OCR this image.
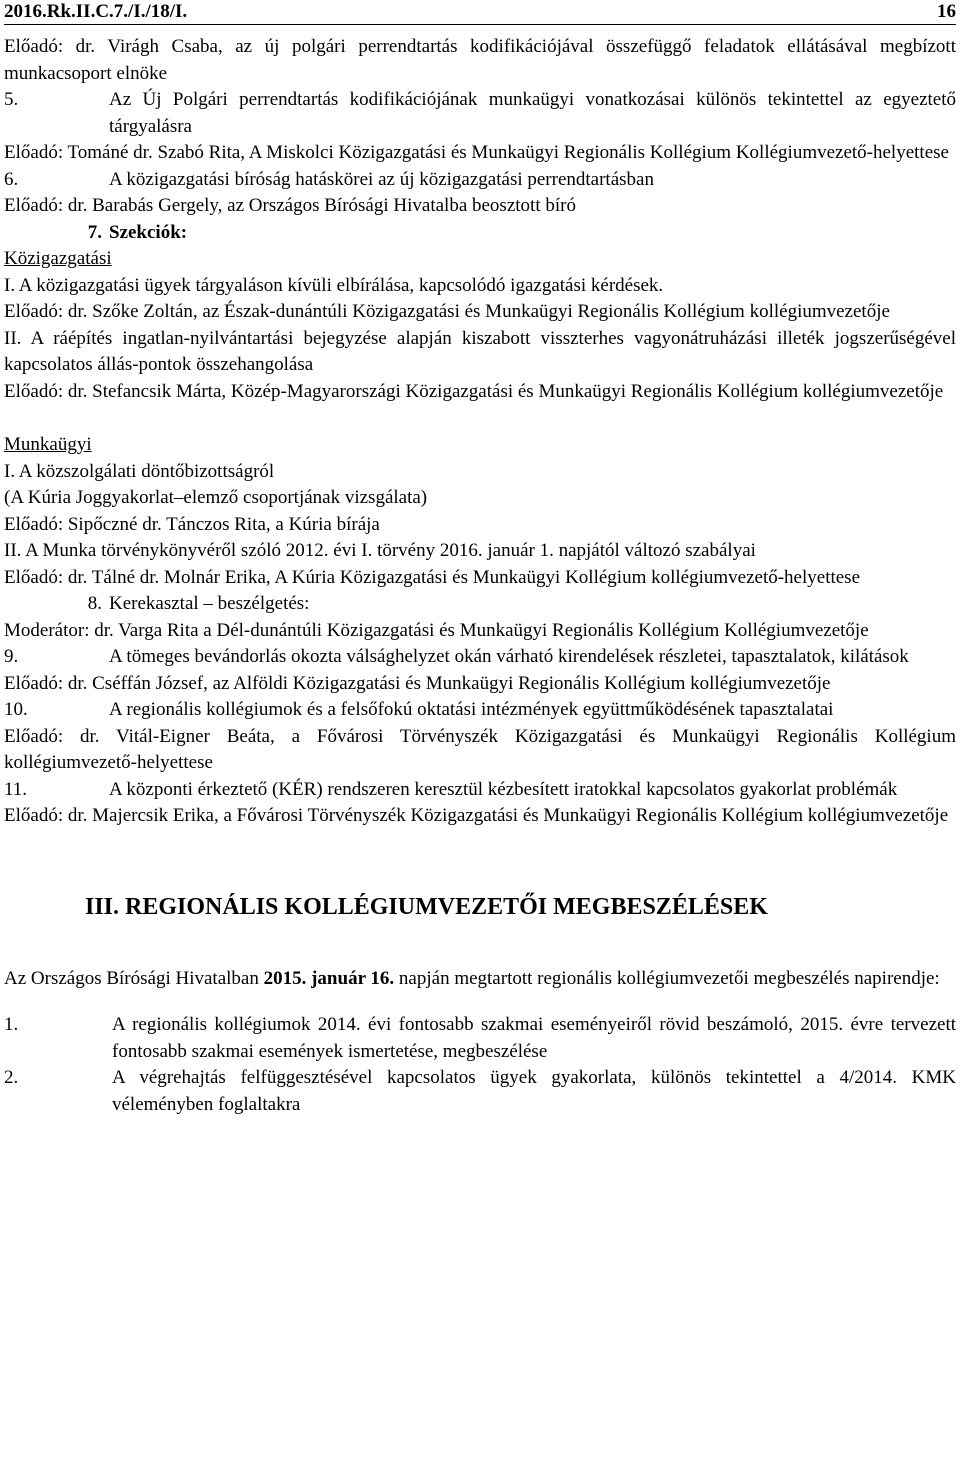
2016.Rk.II.C.7./I./18/I.	16

Előadó: dr. Virágh Csaba, az új polgári perrendtartás kodifikációjával összefüggő feladatok ellátásával megbízott munkacsoport elnöke

5.	Az Új Polgári perrendtartás kodifikációjának munkaügyi vonatkozásai különös tekintettel az egyeztető tárgyalásra

Előadó: Tománé dr. Szabó Rita, A Miskolci Közigazgatási és Munkaügyi Regionális Kollégium Kollégiumvezető-helyettese

6.	A közigazgatási bíróság hatáskörei az új közigazgatási perrendtartásban

Előadó: dr. Barabás Gergely, az Országos Bírósági Hivatalba beosztott bíró

7. Szekciók:

Közigazgatási

I. A közigazgatási ügyek tárgyaláson kívüli elbírálása, kapcsolódó igazgatási kérdések.

Előadó: dr. Szőke Zoltán, az Észak-dunántúli Közigazgatási és Munkaügyi Regionális Kollégium kollégiumvezetője

II. A ráépítés ingatlan-nyilvántartási bejegyzése alapján kiszabott visszterhes vagyonátruházási illeték jogszerűségével kapcsolatos állás-pontok összehangolása

Előadó: dr. Stefancsik Márta, Közép-Magyarországi Közigazgatási és Munkaügyi Regionális Kollégium kollégiumvezetője

Munkaügyi

I. A közszolgálati döntőbizottságról

(A Kúria Joggyakorlat–elemző csoportjának vizsgálata)

Előadó: Sipőczné dr. Tánczos Rita, a Kúria bírája

II. A Munka törvénykönyvéről szóló 2012. évi I. törvény 2016. január 1. napjától változó szabályai

Előadó: dr. Tálné dr. Molnár Erika, A Kúria Közigazgatási és Munkaügyi Kollégium kollégiumvezető-helyettese

8. Kerekasztal – beszélgetés:

Moderátor: dr. Varga Rita a Dél-dunántúli Közigazgatási és Munkaügyi Regionális Kollégium Kollégiumvezetője

9.	A tömeges bevándorlás okozta válsághelyzet okán várható kirendelések részletei, tapasztalatok, kilátások

Előadó: dr. Cséffán József, az Alföldi Közigazgatási és Munkaügyi Regionális Kollégium kollégiumvezetője

10.	A regionális kollégiumok és a felsőfokú oktatási intézmények együttműködésének tapasztalatai

Előadó: dr. Vitál-Eigner Beáta, a Fővárosi Törvényszék Közigazgatási és Munkaügyi Regionális Kollégium kollégiumvezető-helyettese

11.	A központi érkeztető (KÉR) rendszeren keresztül kézbesített iratokkal kapcsolatos gyakorlat problémák

Előadó: dr. Majercsik Erika, a Fővárosi Törvényszék Közigazgatási és Munkaügyi Regionális Kollégium kollégiumvezetője

III. REGIONÁLIS KOLLÉGIUMVEZETŐI MEGBESZÉLÉSEK

Az Országos Bírósági Hivatalban 2015. január 16. napján megtartott regionális kollégiumvezetői megbeszélés napirendje:

1.	A regionális kollégiumok 2014. évi fontosabb szakmai eseményeiről rövid beszámoló, 2015. évre tervezett fontosabb szakmai események ismertetése, megbeszélése
2.	A végrehajtás felfüggesztésével kapcsolatos ügyek gyakorlata, különös tekintettel a 4/2014. KMK véleményben foglaltakra
